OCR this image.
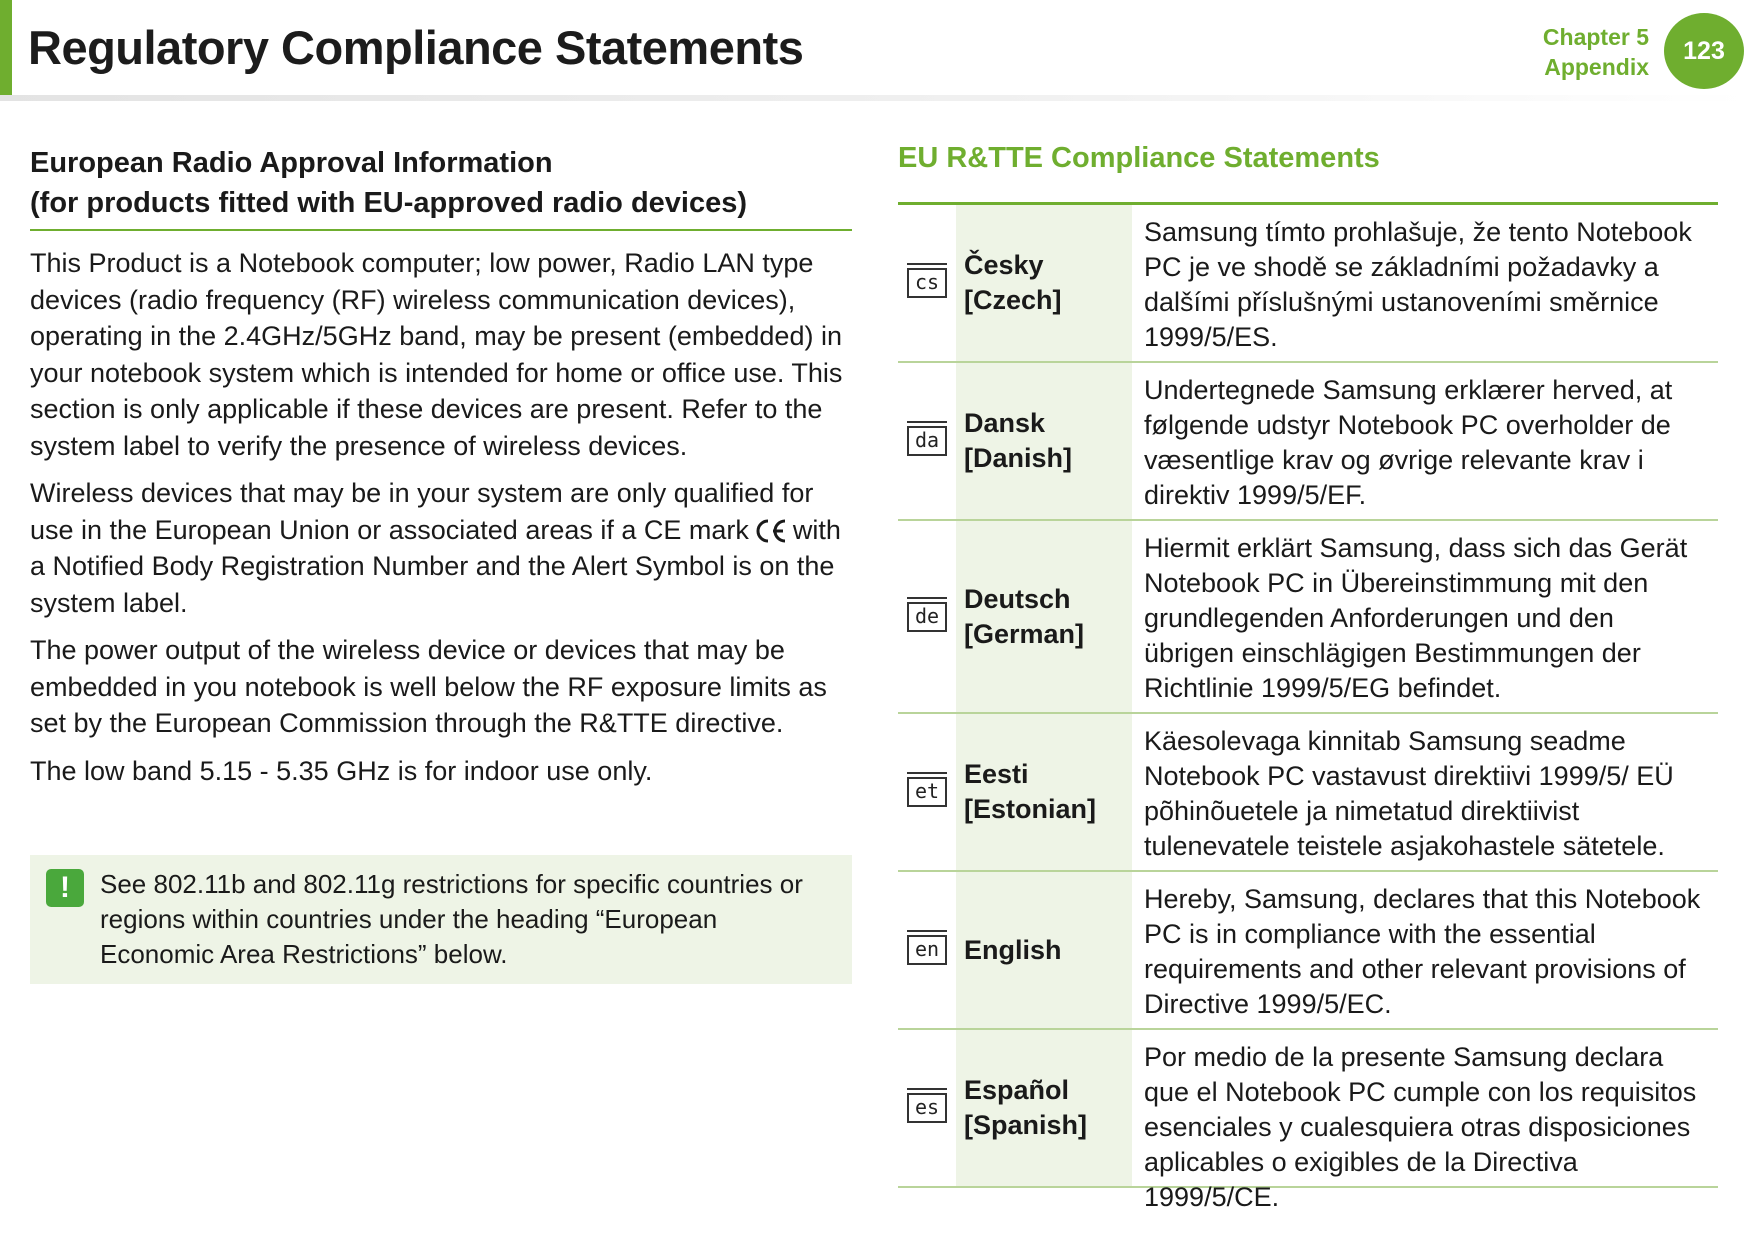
Regulatory Compliance Statements	Chapter 5
Appendix
123
European Radio Approval Information
(for products fitted with EU-approved radio devices)

This Product is a Notebook computer; low power, Radio LAN type devices (radio frequency (RF) wireless communication devices), operating in the 2.4GHz/5GHz band, may be present (embedded) in your notebook system which is intended for home or office use. This section is only applicable if these devices are present. Refer to the system label to verify the presence of wireless devices.

Wireless devices that may be in your system are only qualified for use in the European Union or associated areas if a CE mark with a Notified Body Registration Number and the Alert Symbol is on the system label.

The power output of the wireless device or devices that may be embedded in you notebook is well below the RF exposure limits as set by the European Commission through the R&TTE directive.

The low band 5.15 - 5.35 GHz is for indoor use only.

!	See 802.11b and 802.11g restrictions for specific countries or regions within countries under the heading “European Economic Area Restrictions” below.
EU R&TTE Compliance Statements
cs
Česky
[Czech]
Samsung tímto prohlašuje, že tento Notebook PC je ve shodě se základními požadavky a dalšími příslušnými ustanoveními směrnice 1999/5/ES.
da
Dansk
[Danish]
Undertegnede Samsung erklærer herved, at følgende udstyr Notebook PC overholder de væsentlige krav og øvrige relevante krav i direktiv 1999/5/EF.
de
Deutsch
[German]
Hiermit erklärt Samsung, dass sich das Gerät Notebook PC in Übereinstimmung mit den grundlegenden Anforderungen und den übrigen einschlägigen Bestimmungen der Richtlinie 1999/5/EG befindet.
et
Eesti
[Estonian]
Käesolevaga kinnitab Samsung seadme Notebook PC vastavust direktiivi 1999/5/ EÜ põhinõuetele ja nimetatud direktiivist tulenevatele teistele asjakohastele sätetele.
en English
Hereby, Samsung, declares that this Notebook PC is in compliance with the essential requirements and other relevant provisions of Directive 1999/5/EC.
es
Español
[Spanish]
Por medio de la presente Samsung declara que el Notebook PC cumple con los requisitos esenciales y cualesquiera otras disposiciones aplicables o exigibles de la Directiva 1999/5/CE.
